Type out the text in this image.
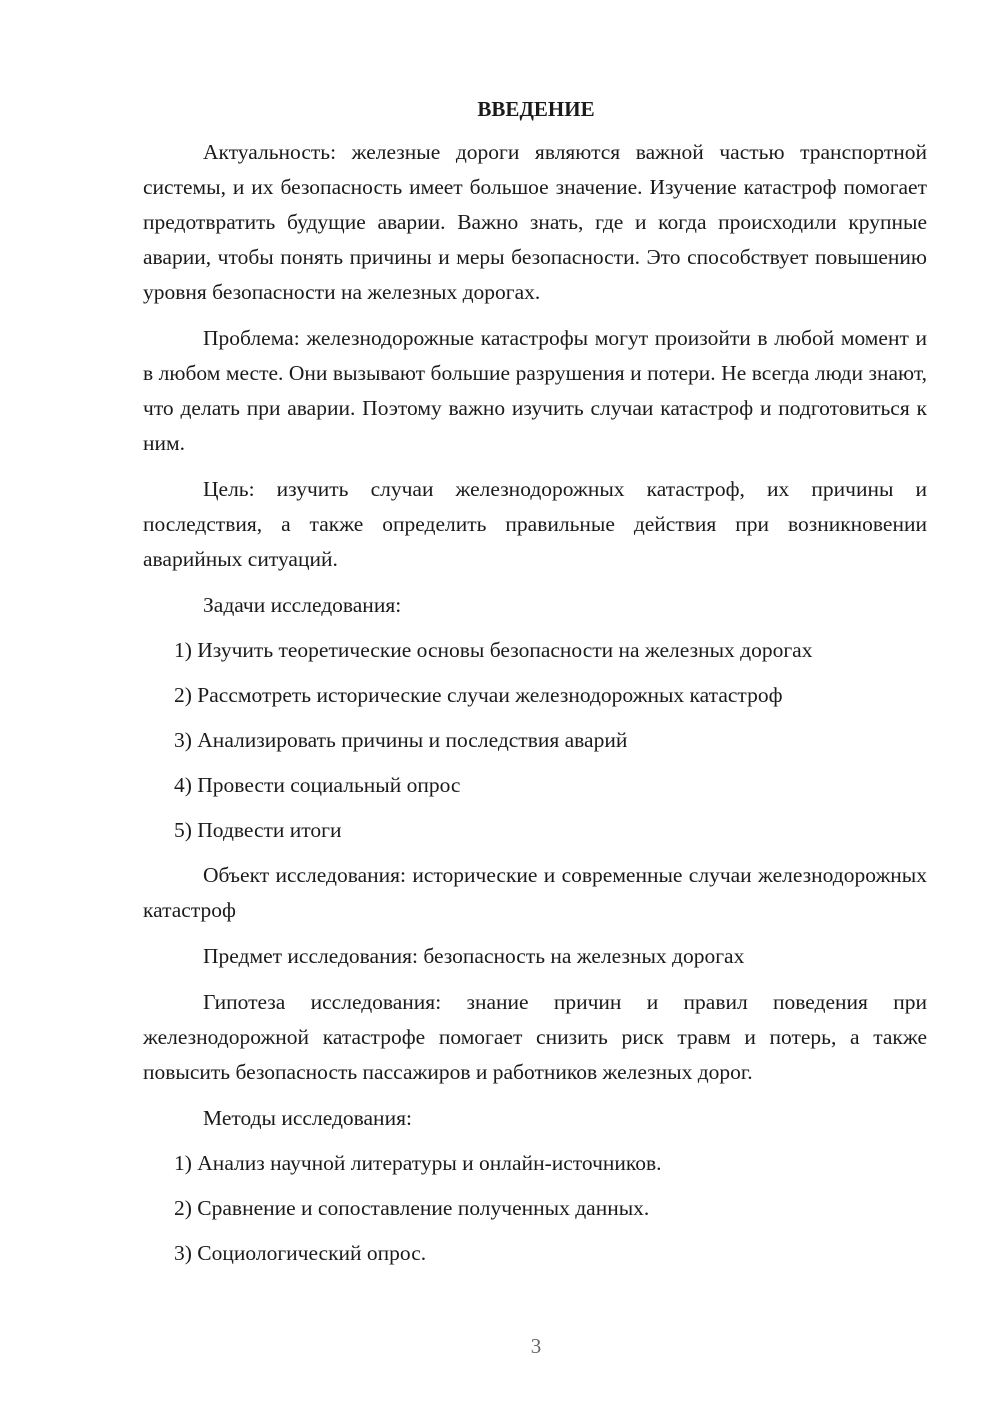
ВВЕДЕНИЕ

Актуальность: железные дороги являются важной частью транспортной системы, и их безопасность имеет большое значение. Изучение катастроф помогает предотвратить будущие аварии. Важно знать, где и когда происходили крупные аварии, чтобы понять причины и меры безопасности. Это способствует повышению уровня безопасности на железных дорогах.

Проблема: железнодорожные катастрофы могут произойти в любой момент и в любом месте. Они вызывают большие разрушения и потери. Не всегда люди знают, что делать при аварии. Поэтому важно изучить случаи катастроф и подготовиться к ним.

Цель: изучить случаи железнодорожных катастроф, их причины и последствия, а также определить правильные действия при возникновении аварийных ситуаций.

Задачи исследования:

1) Изучить теоретические основы безопасности на железных дорогах

2) Рассмотреть исторические случаи железнодорожных катастроф

3) Анализировать причины и последствия аварий

4) Провести социальный опрос

5) Подвести итоги

Объект исследования: исторические и современные случаи железнодорожных катастроф

Предмет исследования: безопасность на железных дорогах

Гипотеза исследования: знание причин и правил поведения при железнодорожной катастрофе помогает снизить риск травм и потерь, а также повысить безопасность пассажиров и работников железных дорог.

Методы исследования:

1) Анализ научной литературы и онлайн-источников.

2) Сравнение и сопоставление полученных данных.

3) Социологический опрос.

3
